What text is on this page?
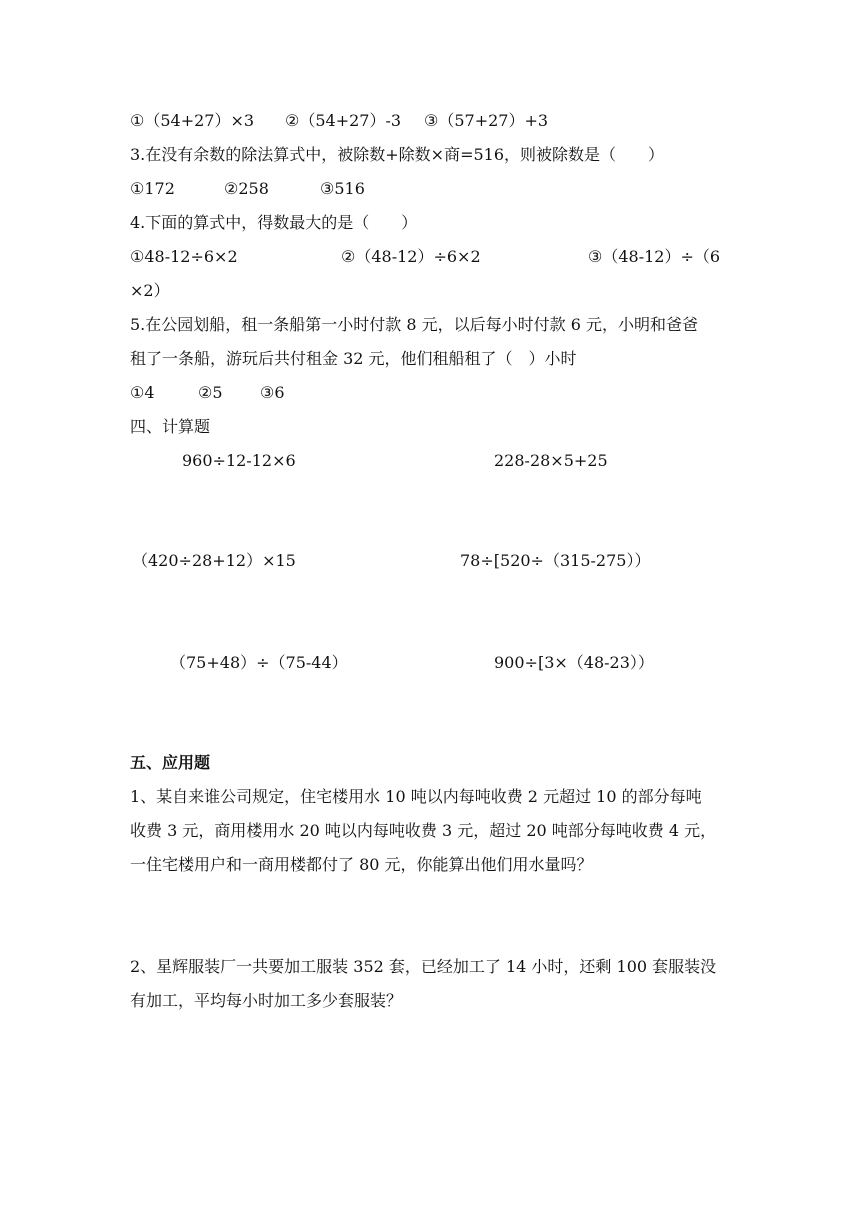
①（54+27）×3 ②（54+27）-3 ③（57+27）+3
3.在没有余数的除法算式中，被除数+除数×商=516，则被除数是（　　）
①172	②258	③516
4.下面的算式中，得数最大的是（　　）
①48-12÷6×2	②（48-12）÷6×2	③（48-12）÷（6
×2）
5.在公园划船，租一条船第一小时付款 8 元，以后每小时付款 6 元，小明和爸爸
租了一条船，游玩后共付租金 32 元，他们租船租了（　）小时
①4	②5 ③6
四、计算题
960÷12-12×6	228-28×5+25
（420÷28+12）×15	78÷[520÷（315-275））
（75+48）÷（75-44）	900÷[3×（48-23））
五、应用题
1、某自来谁公司规定，住宅楼用水 10 吨以内每吨收费 2 元超过 10 的部分每吨
收费 3 元，商用楼用水 20 吨以内每吨收费 3 元，超过 20 吨部分每吨收费 4 元，
一住宅楼用户和一商用楼都付了 80 元，你能算出他们用水量吗？
2、星辉服装厂一共要加工服装 352 套，已经加工了 14 小时，还剩 100 套服装没
有加工，平均每小时加工多少套服装？
